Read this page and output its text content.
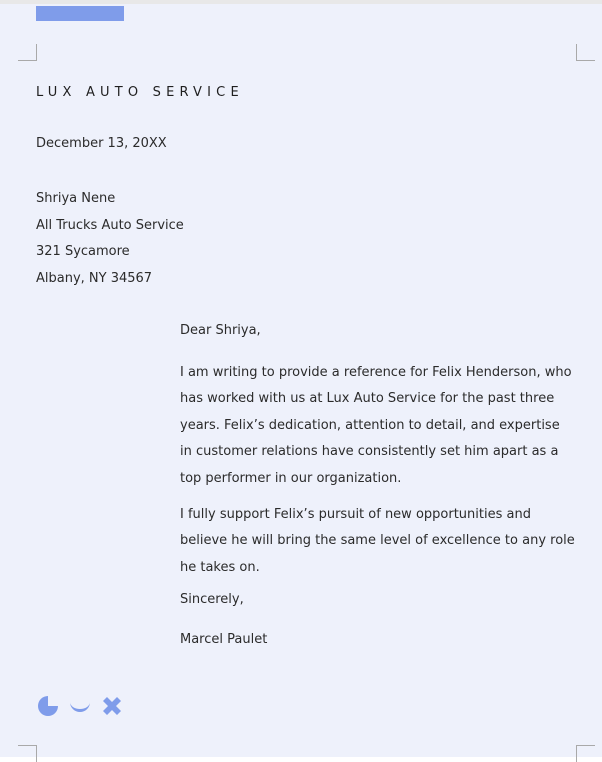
LUX AUTO SERVICE
December 13, 20XX
Shriya Nene
All Trucks Auto Service
321 Sycamore
Albany, NY 34567

Dear Shriya,

I am writing to provide a reference for Felix Henderson, who has worked with us at Lux Auto Service for the past three years. Felix’s dedication, attention to detail, and expertise in customer relations have consistently set him apart as a top performer in our organization.

I fully support Felix’s pursuit of new opportunities and believe he will bring the same level of excellence to any role he takes on.

Sincerely,

Marcel Paulet
